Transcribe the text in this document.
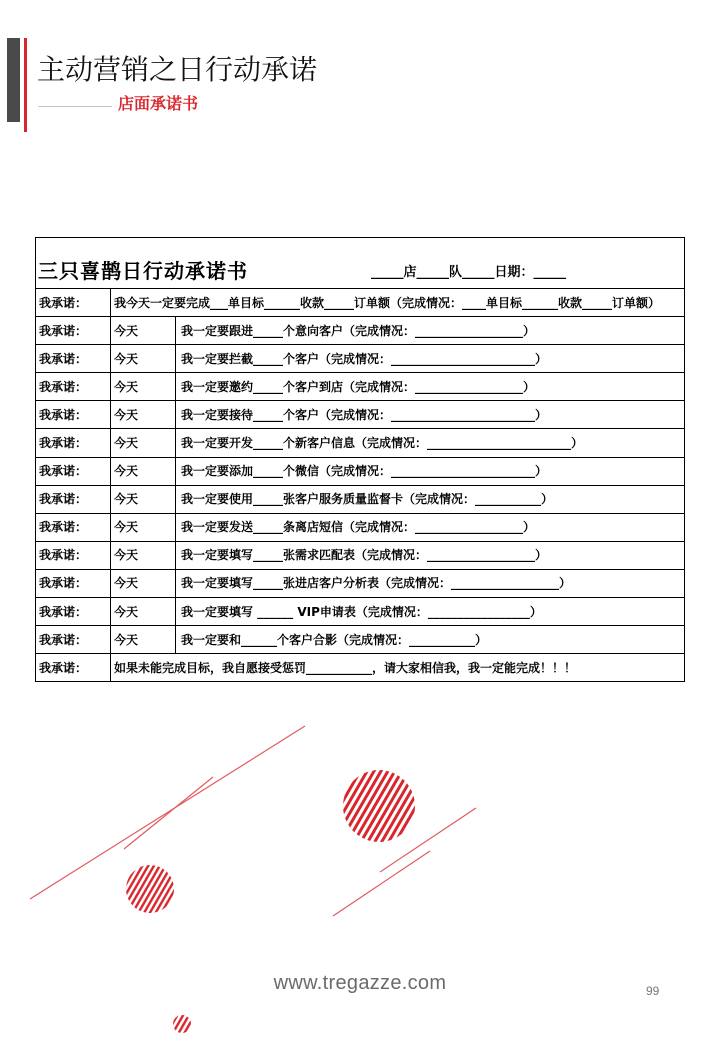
主动营销之日行动承诺
店面承诺书
三只喜鹊日行动承诺书 _____店_____队_____日期：_____		

我承诺：	我今天一定要完成___单目标______收款_____订单额（完成情况：____单目标______收款_____订单额）	
我承诺：	今天	我一定要跟进_____个意向客户（完成情况：__________________）
我承诺：	今天	我一定要拦截_____个客户（完成情况：________________________）
我承诺：	今天	我一定要邀约_____个客户到店（完成情况：__________________）
我承诺：	今天	我一定要接待_____个客户（完成情况：________________________）
我承诺：	今天	我一定要开发_____个新客户信息（完成情况：________________________）
我承诺：	今天	我一定要添加_____个微信（完成情况：________________________）
我承诺：	今天	我一定要使用_____张客户服务质量监督卡（完成情况：___________）
我承诺：	今天	我一定要发送_____条离店短信（完成情况：__________________）
我承诺：	今天	我一定要填写_____张需求匹配表（完成情况：__________________）
我承诺：	今天	我一定要填写_____张进店客户分析表（完成情况：__________________）
我承诺：	今天	我一定要填写 ______ VIP申请表（完成情况：_________________）
我承诺：	今天	我一定要和______个客户合影（完成情况：___________）
我承诺：	如果未能完成目标，我自愿接受惩罚___________，请大家相信我，我一定能完成！！！	
www.tregazze.com	99
